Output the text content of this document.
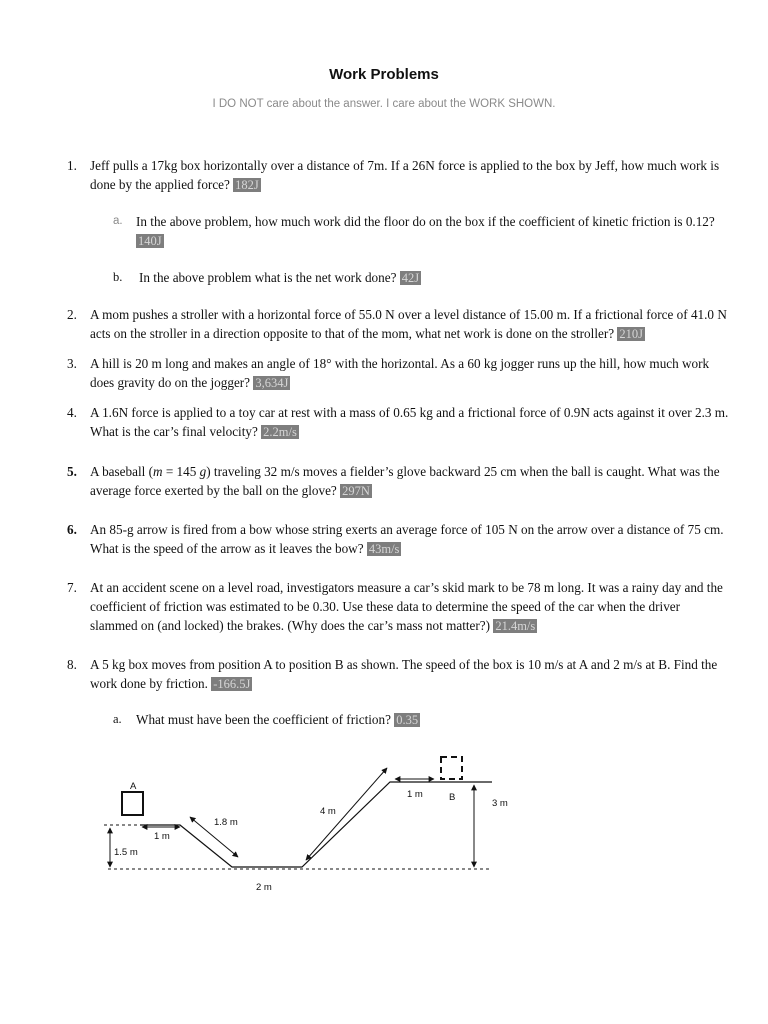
Work Problems
I DO NOT care about the answer. I care about the WORK SHOWN.
1. Jeff pulls a 17kg box horizontally over a distance of 7m. If a 26N force is applied to the box by Jeff, how much work is done by the applied force? 182J
a. In the above problem, how much work did the floor do on the box if the coefficient of kinetic friction is 0.12? 140J
b. In the above problem what is the net work done? 42J
2. A mom pushes a stroller with a horizontal force of 55.0 N over a level distance of 15.00 m. If a frictional force of 41.0 N acts on the stroller in a direction opposite to that of the mom, what net work is done on the stroller? 210J
3. A hill is 20 m long and makes an angle of 18° with the horizontal. As a 60 kg jogger runs up the hill, how much work does gravity do on the jogger? 3,634J
4. A 1.6N force is applied to a toy car at rest with a mass of 0.65 kg and a frictional force of 0.9N acts against it over 2.3 m. What is the car’s final velocity? 2.2m/s
5. A baseball (m = 145 g) traveling 32 m/s moves a fielder’s glove backward 25 cm when the ball is caught. What was the average force exerted by the ball on the glove? 297N
6. An 85-g arrow is fired from a bow whose string exerts an average force of 105 N on the arrow over a distance of 75 cm. What is the speed of the arrow as it leaves the bow? 43m/s
7. At an accident scene on a level road, investigators measure a car’s skid mark to be 78 m long. It was a rainy day and the coefficient of friction was estimated to be 0.30. Use these data to determine the speed of the car when the driver slammed on (and locked) the brakes. (Why does the car’s mass not matter?) 21.4m/s
8. A 5 kg box moves from position A to position B as shown. The speed of the box is 10 m/s at A and 2 m/s at B. Find the work done by friction. -166.5J
a. What must have been the coefficient of friction? 0.35
A
B
1.5 m
1 m
1.8 m
2 m
4 m
1 m
3 m
